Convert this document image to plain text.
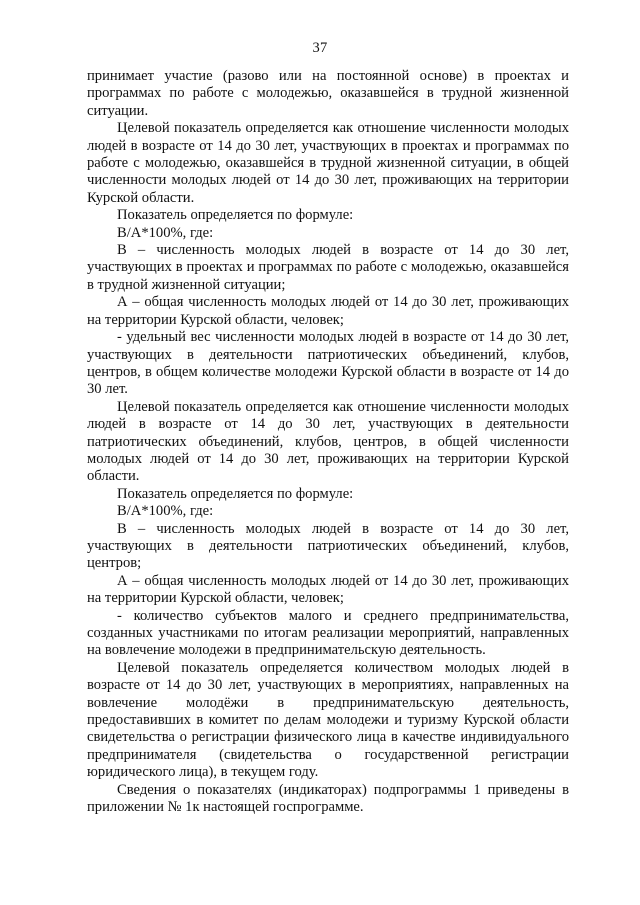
37

принимает участие (разово или на постоянной основе) в проектах и программах по работе с молодежью, оказавшейся в трудной жизненной ситуации.

Целевой показатель определяется как отношение численности молодых людей в возрасте от 14 до 30 лет, участвующих в проектах и программах по работе с молодежью, оказавшейся в трудной жизненной ситуации, в общей численности молодых людей от 14 до 30 лет, проживающих на территории Курской области.

Показатель определяется по формуле:

В/А*100%, где:

В – численность молодых людей в возрасте от 14 до 30 лет, участвующих в проектах и программах по работе с молодежью, оказавшейся в трудной жизненной ситуации;

А – общая численность молодых людей от 14 до 30 лет, проживающих на территории Курской области, человек;

- удельный вес численности молодых людей в возрасте от 14 до 30 лет, участвующих в деятельности патриотических объединений, клубов, центров, в общем количестве молодежи Курской области в возрасте от 14 до 30 лет.

Целевой показатель определяется как отношение численности молодых людей в возрасте от 14 до 30 лет, участвующих в деятельности патриотических объединений, клубов, центров, в общей численности молодых людей от 14 до 30 лет, проживающих на территории Курской области.

Показатель определяется по формуле:

В/А*100%, где:

В – численность молодых людей в возрасте от 14 до 30 лет, участвующих в деятельности патриотических объединений, клубов, центров;

А – общая численность молодых людей от 14 до 30 лет, проживающих на территории Курской области, человек;

- количество субъектов малого и среднего предпринимательства, созданных участниками по итогам реализации мероприятий, направленных на вовлечение молодежи в предпринимательскую деятельность.

Целевой показатель определяется количеством молодых людей в возрасте от 14 до 30 лет, участвующих в мероприятиях, направленных на вовлечение молодёжи в предпринимательскую деятельность, предоставивших в комитет по делам молодежи и туризму Курской области свидетельства о регистрации физического лица в качестве индивидуального предпринимателя (свидетельства о государственной регистрации юридического лица), в текущем году.

Сведения о показателях (индикаторах) подпрограммы 1 приведены в приложении № 1к настоящей госпрограмме.
